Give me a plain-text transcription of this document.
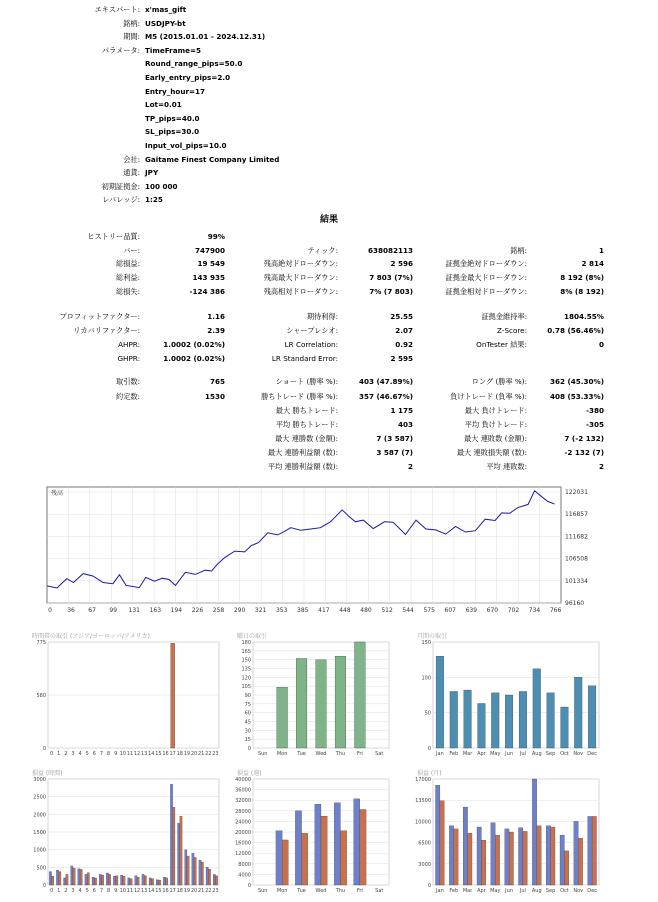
エキスパート: x'mas_gift
銘柄: USDJPY-bt
期間: M5 (2015.01.01 - 2024.12.31)
パラメータ: TimeFrame=5
Round_range_pips=50.0
Early_entry_pips=2.0
Entry_hour=17
Lot=0.01
TP_pips=40.0
SL_pips=30.0
Input_vol_pips=10.0
会社: Gaitame Finest Company Limited
通貨: JPY
初期証拠金: 100 000
レバレッジ: 1:25
結果
ヒストリー品質:	99%
バー:	747900	ティック:	638082113	銘柄:	1
総損益:	19 549	残高絶対ドローダウン:	2 596	証拠金絶対ドローダウン:	2 814
総利益:	143 935	残高最大ドローダウン:	7 803 (7%)	証拠金最大ドローダウン:	8 192 (8%)
総損失:	-124 386	残高相対ドローダウン:	7% (7 803)	証拠金相対ドローダウン:	8% (8 192)
プロフィットファクター:	1.16	期待利得:	25.55	証拠金維持率:	1804.55%
リカバリファクター:	2.39	シャープレシオ:	2.07	Z-Score:	0.78 (56.46%)
AHPR:	1.0002 (0.02%)	LR Correlation:	0.92	OnTester 結果:	0
GHPR:	1.0002 (0.02%)	LR Standard Error:	2 595
取引数:	765	ショート (勝率 %):	403 (47.89%)	ロング (勝率 %):	362 (45.30%)
約定数:	1530	勝ちトレード (勝率 %):	357 (46.67%)	負けトレード (負率 %):	408 (53.33%)
最大 勝ちトレード:	1 175	最大 負けトレード:	-380
平均 勝ちトレード:	403	平均 負けトレード:	-305
最大 連勝数 (金額):	7 (3 587)	最大 連敗数 (金額):	7 (-2 132)
最大 連勝利益額 (数):	3 587 (7)	最大 連敗損失額 (数):	-2 132 (7)
平均 連勝利益額 (数):	2	平均 連敗数:	2
122031
116857
111682
106508
101334
96160
0	36 67 99 131 163 194 226 258 290 321 353 385 417 448 480 512 544 575 607 639 670 702 734 766
残高
時間帯の取引 (アジア/ヨーロッパ/アメリカ)
775
580
0
0 1 2 3 4 5 6 7 8 9 10 11 12 13 14 15 16 17 18 19 20 21 22 23
曜日の取引
180
165
150
135
120
105
90
75
60
45
30
15
0
Sun Mon Tue Wed Thu Fri Sat
月間の取引
150
100
50
0
Jan Feb Mar Apr May Jun Jul Aug Sep Oct Nov Dec
損益 (時間)
3000
2500
2000
1500
1000
500
0
0 1 2 3 4 5 6 7 8 9 10 11 12 13 14 15 16 17 18 19 20 21 22 23
損益 (週)
40000
36000
32000
28000
24000
20000
16000
12000
8000
4000
0
Sun Mon Tue Wed Thu Fri Sat
損益 (月)
17000
13500
10000
6500
3000
0
Jan Feb Mar Apr May Jun Jul Aug Sep Oct Nov Dec
